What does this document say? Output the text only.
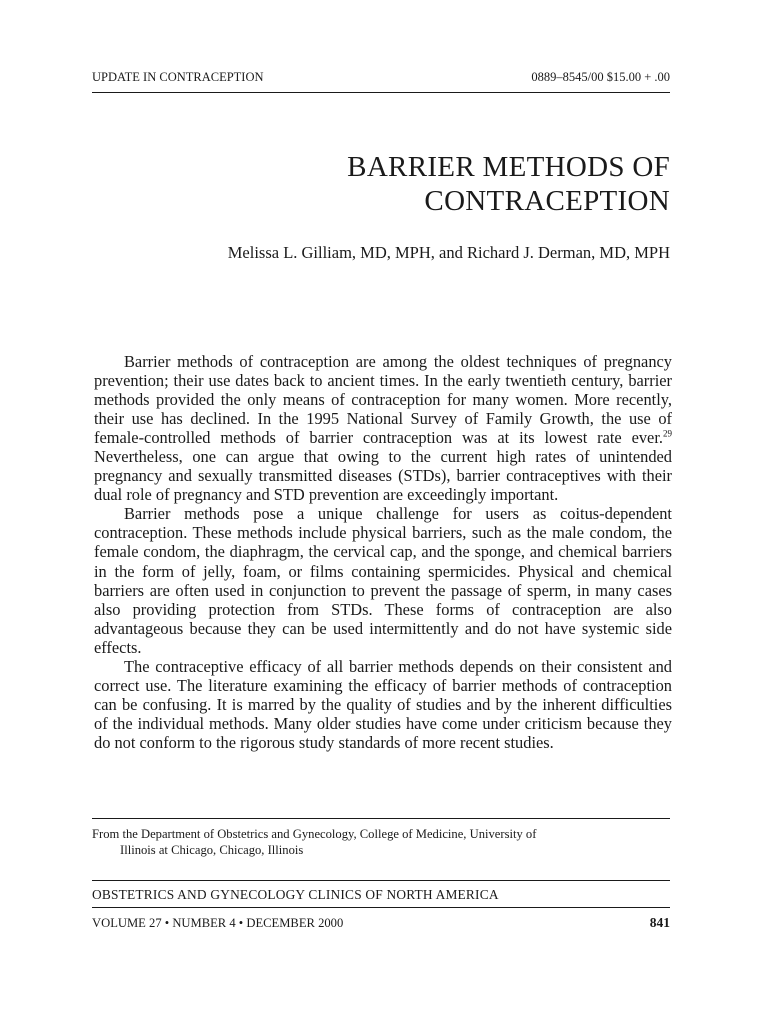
UPDATE IN CONTRACEPTION	0889–8545/00 $15.00 + .00
BARRIER METHODS OF
CONTRACEPTION
Melissa L. Gilliam, MD, MPH, and Richard J. Derman, MD, MPH

Barrier methods of contraception are among the oldest techniques of pregnancy prevention; their use dates back to ancient times. In the early twentieth century, barrier methods provided the only means of contraception for many women. More recently, their use has declined. In the 1995 National Survey of Family Growth, the use of female-controlled methods of barrier contraception was at its lowest rate ever.$^{29}$ Nevertheless, one can argue that owing to the current high rates of unintended pregnancy and sexually transmitted diseases (STDs), barrier contraceptives with their dual role of pregnancy and STD prevention are exceedingly important.

Barrier methods pose a unique challenge for users as coitus-dependent contraception. These methods include physical barriers, such as the male condom, the female condom, the diaphragm, the cervical cap, and the sponge, and chemical barriers in the form of jelly, foam, or films containing spermicides. Physical and chemical barriers are often used in conjunction to prevent the passage of sperm, in many cases also providing protection from STDs. These forms of contraception are also advantageous because they can be used intermittently and do not have systemic side effects.

The contraceptive efficacy of all barrier methods depends on their consistent and correct use. The literature examining the efficacy of barrier methods of contraception can be confusing. It is marred by the quality of studies and by the inherent difficulties of the individual methods. Many older studies have come under criticism because they do not conform to the rigorous study standards of more recent studies.

From the Department of Obstetrics and Gynecology, College of Medicine, University of
Illinois at Chicago, Chicago, Illinois
OBSTETRICS AND GYNECOLOGY CLINICS OF NORTH AMERICA
VOLUME 27 • NUMBER 4 • DECEMBER 2000	841
